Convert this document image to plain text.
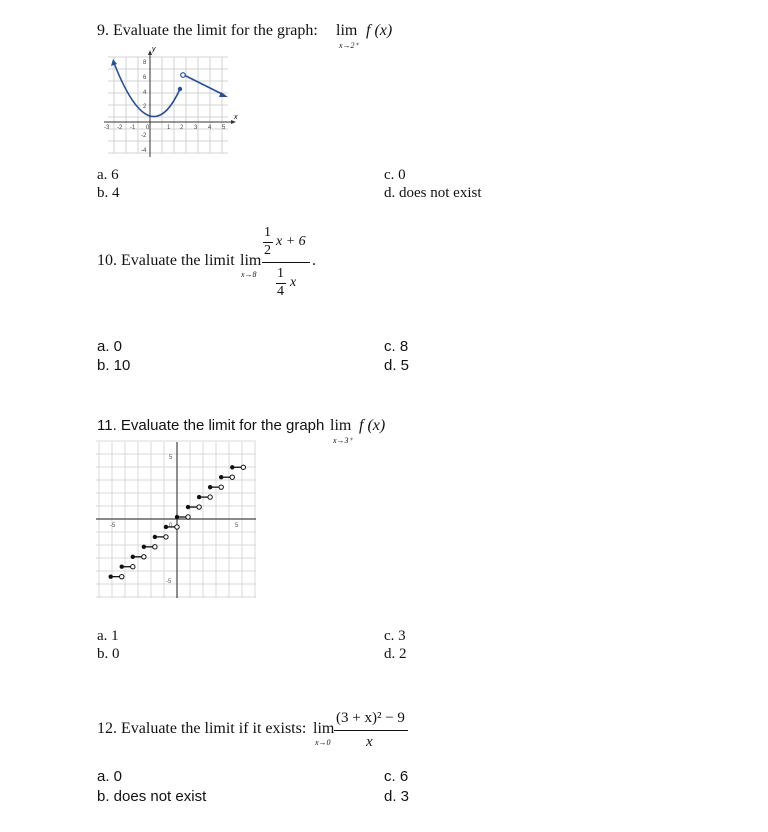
9. Evaluate the limit for the graph: lim f (x)
x→2⁺
y
x
8
6
4
2
-2
-4
-3 -2 -1 0	1 2 3 4 5
a. 6
b. 4
c. 0
d. does not exist
10. Evaluate the limit lim
x→8
1
2
x + 6
1
4
x
.
a. 0
b. 10
c. 8
d. 5
11. Evaluate the limit for the graph lim f (x)
x→3⁺
5
-5
-5	0	5
a. 1
b. 0
c. 3
d. 2
12. Evaluate the limit if it exists: lim
x→0
(3 + x)² − 9
x
a. 0
b. does not exist
c. 6
d. 3
